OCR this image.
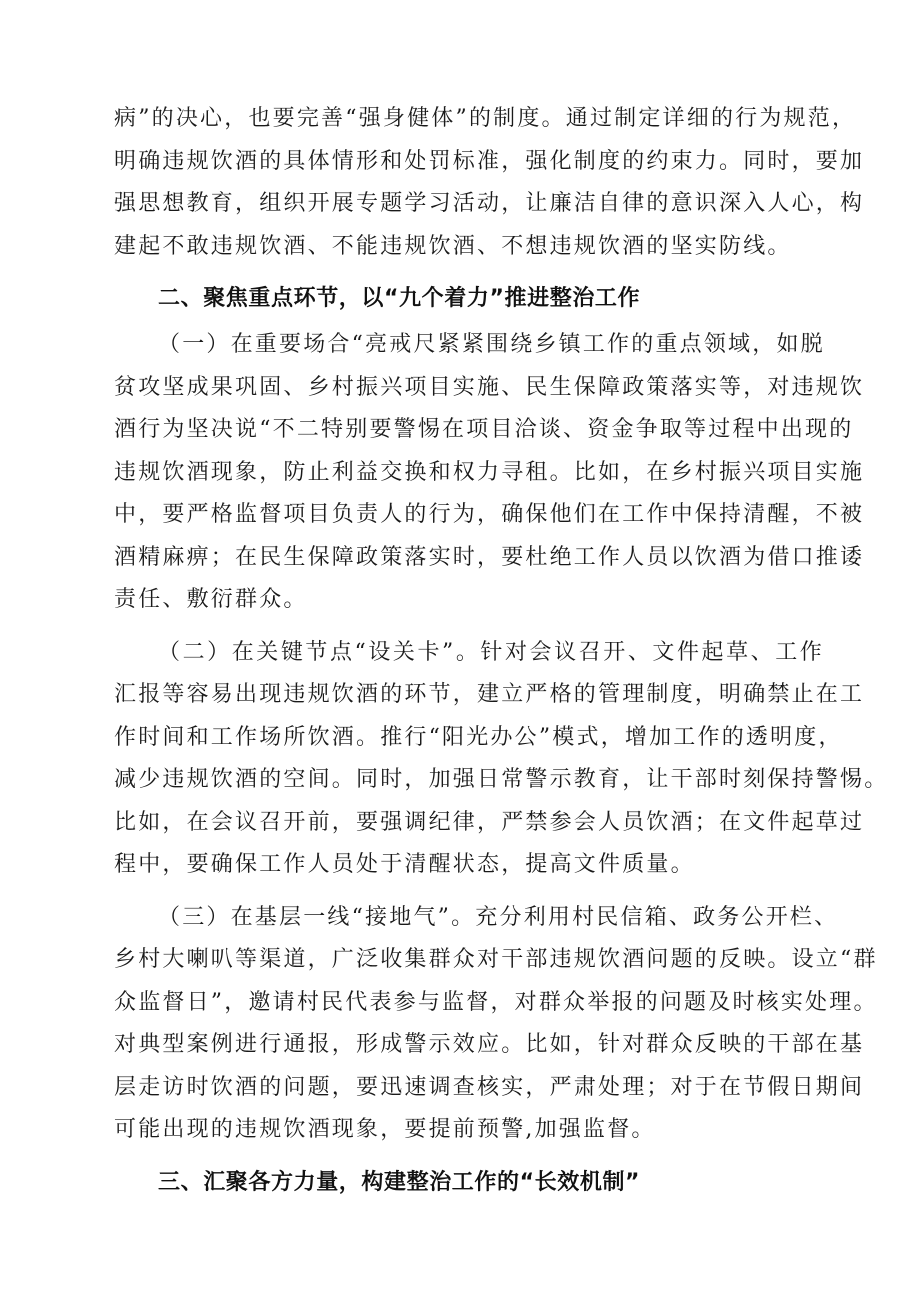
病”的决心，也要完善“强身健体”的制度。通过制定详细的行为规范，
明确违规饮酒的具体情形和处罚标准，强化制度的约束力。同时，要加
强思想教育，组织开展专题学习活动，让廉洁自律的意识深入人心，构
建起不敢违规饮酒、不能违规饮酒、不想违规饮酒的坚实防线。
二、聚焦重点环节，以“九个着力”推进整治工作
（一）在重要场合“亮戒尺紧紧围绕乡镇工作的重点领域，如脱
贫攻坚成果巩固、乡村振兴项目实施、民生保障政策落实等，对违规饮
酒行为坚决说“不二特别要警惕在项目洽谈、资金争取等过程中出现的
违规饮酒现象，防止利益交换和权力寻租。比如，在乡村振兴项目实施
中，要严格监督项目负责人的行为，确保他们在工作中保持清醒，不被
酒精麻痹；在民生保障政策落实时，要杜绝工作人员以饮酒为借口推诿
责任、敷衍群众。
（二）在关键节点“设关卡”。针对会议召开、文件起草、工作
汇报等容易出现违规饮酒的环节，建立严格的管理制度，明确禁止在工
作时间和工作场所饮酒。推行“阳光办公”模式，增加工作的透明度，
减少违规饮酒的空间。同时，加强日常警示教育，让干部时刻保持警惕。
比如，在会议召开前，要强调纪律，严禁参会人员饮酒；在文件起草过
程中，要确保工作人员处于清醒状态，提高文件质量。
（三）在基层一线“接地气”。充分利用村民信箱、政务公开栏、
乡村大喇叭等渠道，广泛收集群众对干部违规饮酒问题的反映。设立“群
众监督日”，邀请村民代表参与监督，对群众举报的问题及时核实处理。
对典型案例进行通报，形成警示效应。比如，针对群众反映的干部在基
层走访时饮酒的问题，要迅速调查核实，严肃处理；对于在节假日期间
可能出现的违规饮酒现象，要提前预警,加强监督。
三、汇聚各方力量，构建整治工作的“长效机制”
